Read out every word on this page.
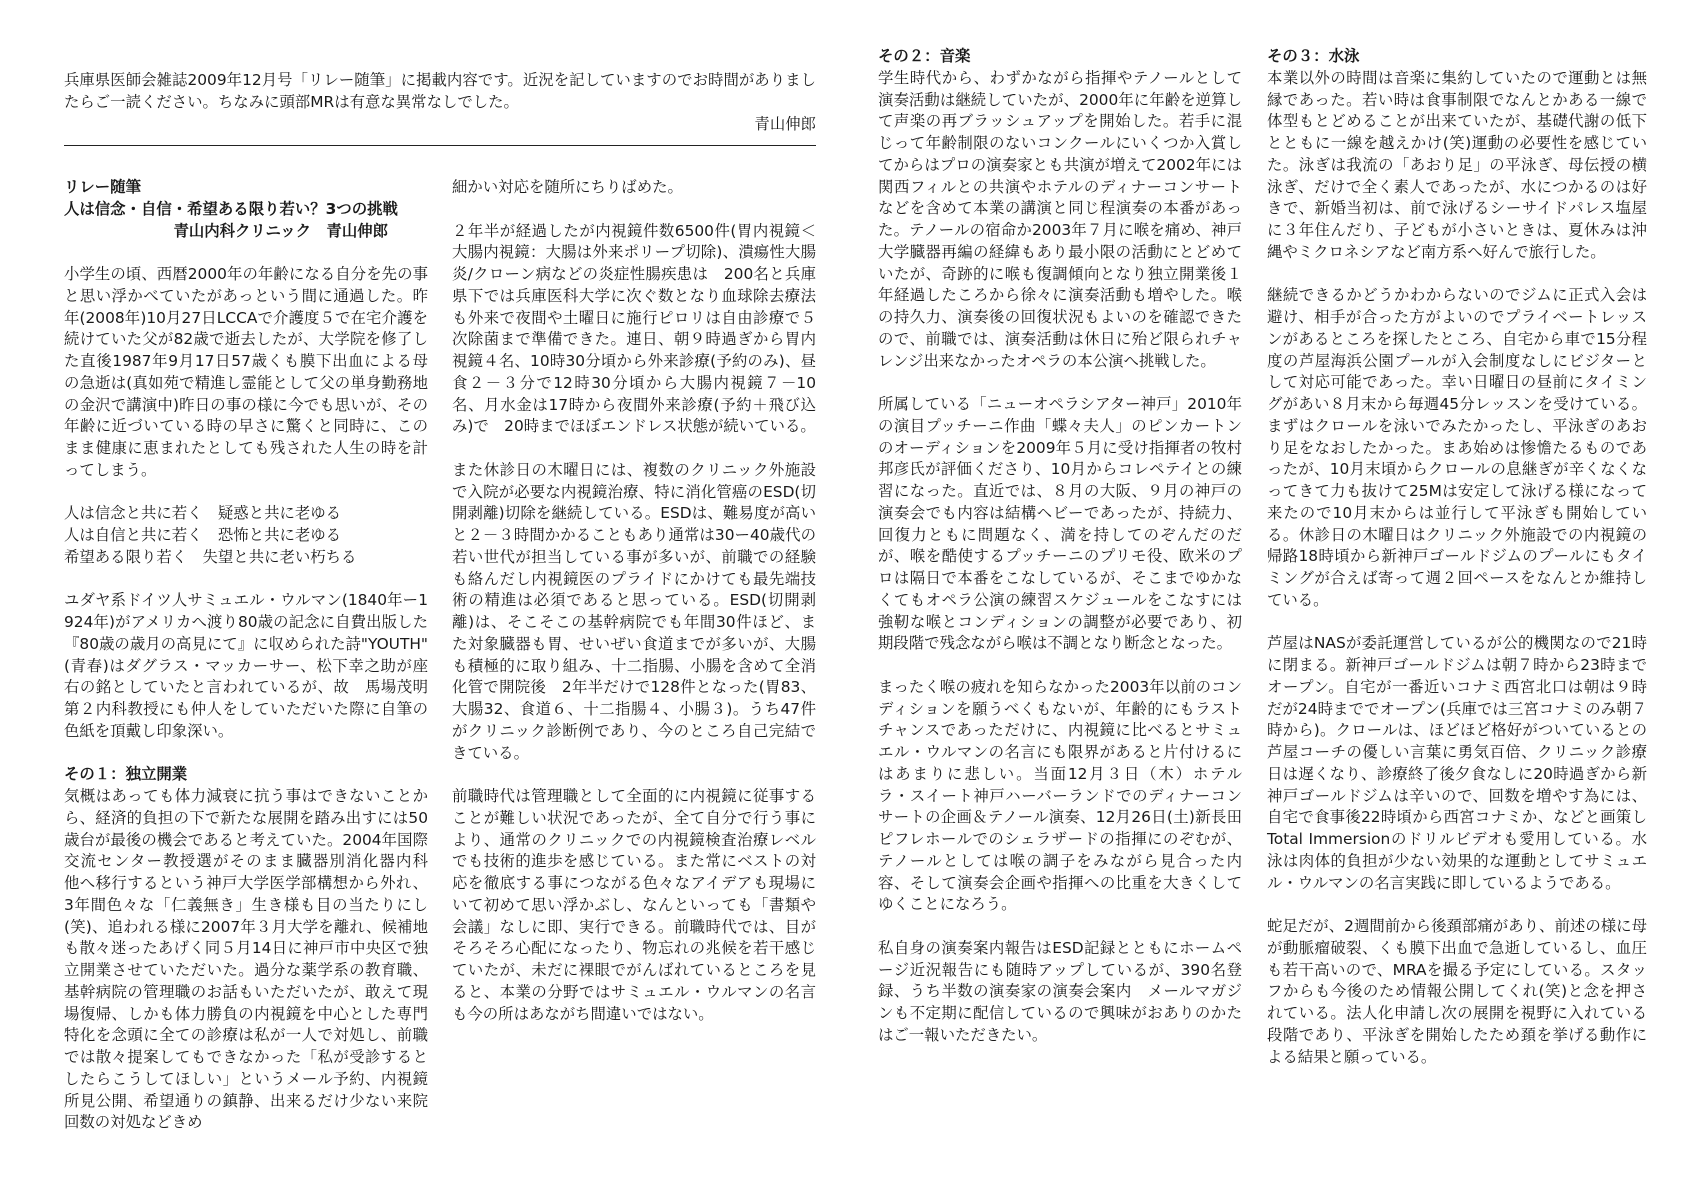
兵庫県医師会雑誌2009年12月号「リレー随筆」に掲載内容です。近況を記していますのでお時間がありましたらご一読ください。ちなみに頭部MRは有意な異常なしでした。

青山伸郎

リレー随筆

人は信念・自信・希望ある限り若い？3つの挑戦

青山内科クリニック　青山伸郎

小学生の頃、西暦2000年の年齢になる自分を先の事と思い浮かべていたがあっという間に通過した。昨年(2008年)10月27日LCCAで介護度５で在宅介護を続けていた父が82歳で逝去したが、大学院を修了した直後1987年9月17日57歳くも膜下出血による母の急逝は(真如苑で精進し霊能として父の単身勤務地の金沢で講演中)昨日の事の様に今でも思いが、その年齢に近づいている時の早さに驚くと同時に、このまま健康に恵まれたとしても残された人生の時を計ってしまう。

人は信念と共に若く　疑惑と共に老ゆる

人は自信と共に若く　恐怖と共に老ゆる

希望ある限り若く　失望と共に老い朽ちる

ユダヤ系ドイツ人サミュエル・ウルマン(1840年ー1924年)がアメリカへ渡り80歳の記念に自費出版した『80歳の歳月の高見にて』に収められた詩"YOUTH"(青春)はダグラス・マッカーサー、松下幸之助が座右の銘としていたと言われているが、故　馬場茂明　第２内科教授にも仲人をしていただいた際に自筆の色紙を頂戴し印象深い。

その１：独立開業

気概はあっても体力減衰に抗う事はできないことから、経済的負担の下で新たな展開を踏み出すには50歳台が最後の機会であると考えていた。2004年国際交流センター教授選がそのまま臓器別消化器内科　他へ移行するという神戸大学医学部構想から外れ、3年間色々な「仁義無き」生き様も目の当たりにし(笑)、追われる様に2007年３月大学を離れ、候補地も散々迷ったあげく同５月14日に神戸市中央区で独立開業させていただいた。過分な薬学系の教育職、基幹病院の管理職のお話もいただいたが、敢えて現場復帰、しかも体力勝負の内視鏡を中心とした専門特化を念頭に全ての診療は私が一人で対処し、前職では散々提案してもできなかった「私が受診するとしたらこうしてほしい」というメール予約、内視鏡所見公開、希望通りの鎮静、出来るだけ少ない来院回数の対処などきめ

細かい対応を随所にちりばめた。

２年半が経過したが内視鏡件数6500件(胃内視鏡＜大腸内視鏡：大腸は外来ポリープ切除)、潰瘍性大腸炎/クローン病などの炎症性腸疾患は　200名と兵庫県下では兵庫医科大学に次ぐ数となり血球除去療法も外来で夜間や土曜日に施行ピロリは自由診療で５次除菌まで準備できた。連日、朝９時過ぎから胃内視鏡４名、10時30分頃から外来診療(予約のみ)、昼食２－３分で12時30分頃から大腸内視鏡７－10名、月水金は17時から夜間外来診療(予約＋飛び込み)で　20時までほぼエンドレス状態が続いている。

また休診日の木曜日には、複数のクリニック外施設で入院が必要な内視鏡治療、特に消化管癌のESD(切開剥離)切除を継続している。ESDは、難易度が高いと２－３時間かかることもあり通常は30ー40歳代の若い世代が担当している事が多いが、前職での経験も絡んだし内視鏡医のプライドにかけても最先端技術の精進は必須であると思っている。ESD(切開剥離)は、そこそこの基幹病院でも年間30件ほど、また対象臓器も胃、せいぜい食道までが多いが、大腸も積極的に取り組み、十二指腸、小腸を含めて全消化管で開院後　2年半だけで128件となった(胃83、大腸32、食道６、十二指腸４、小腸３)。うち47件がクリニック診断例であり、今のところ自己完結できている。

前職時代は管理職として全面的に内視鏡に従事することが難しい状況であったが、全て自分で行う事により、通常のクリニックでの内視鏡検査治療レベルでも技術的進歩を感じている。また常にベストの対応を徹底する事につながる色々なアイデアも現場にいて初めて思い浮かぶし、なんといっても「書類や会議」なしに即、実行できる。前職時代では、目がそろそろ心配になったり、物忘れの兆候を若干感じていたが、未だに裸眼でがんばれているところを見ると、本業の分野ではサミュエル・ウルマンの名言も今の所はあながち間違いではない。

その２：音楽

学生時代から、わずかながら指揮やテノールとして演奏活動は継続していたが、2000年に年齢を逆算して声楽の再ブラッシュアップを開始した。若手に混じって年齢制限のないコンクールにいくつか入賞してからはプロの演奏家とも共演が増えて2002年には関西フィルとの共演やホテルのディナーコンサートなどを含めて本業の講演と同じ程演奏の本番があった。テノールの宿命か2003年７月に喉を痛め、神戸大学臓器再編の経緯もあり最小限の活動にとどめていたが、奇跡的に喉も復調傾向となり独立開業後１年経過したころから徐々に演奏活動も増やした。喉の持久力、演奏後の回復状況もよいのを確認できたので、前職では、演奏活動は休日に殆ど限られチャレンジ出来なかったオペラの本公演へ挑戦した。

所属している「ニューオペラシアター神戸」2010年の演目プッチーニ作曲「蝶々夫人」のピンカートンのオーディションを2009年５月に受け指揮者の牧村邦彦氏が評価くださり、10月からコレペテイとの練習になった。直近では、８月の大阪、９月の神戸の演奏会でも内容は結構ヘビーであったが、持続力、回復力ともに問題なく、満を持してのぞんだのだが、喉を酷使するプッチーニのプリモ役、欧米のプロは隔日で本番をこなしているが、そこまでゆかなくてもオペラ公演の練習スケジュールをこなすには強靭な喉とコンディションの調整が必要であり、初期段階で残念ながら喉は不調となり断念となった。

まったく喉の疲れを知らなかった2003年以前のコンディションを願うべくもないが、年齢的にもラストチャンスであっただけに、内視鏡に比べるとサミュエル・ウルマンの名言にも限界があると片付けるにはあまりに悲しい。当面12月３日（木）ホテル　ラ・スイート神戸ハーバーランドでのディナーコンサートの企画＆テノール演奏、12月26日(土)新長田ピフレホールでのシェラザードの指揮にのぞむが、テノールとしては喉の調子をみながら見合った内容、そして演奏会企画や指揮への比重を大きくしてゆくことになろう。

私自身の演奏案内報告はESD記録とともにホームページ近況報告にも随時アップしているが、390名登録、うち半数の演奏家の演奏会案内　メールマガジンも不定期に配信しているので興味がおありのかたはご一報いただきたい。

その３：水泳

本業以外の時間は音楽に集約していたので運動とは無縁であった。若い時は食事制限でなんとかある一線で体型もとどめることが出来ていたが、基礎代謝の低下とともに一線を越えかけ(笑)運動の必要性を感じていた。泳ぎは我流の「あおり足」の平泳ぎ、母伝授の横泳ぎ、だけで全く素人であったが、水につかるのは好きで、新婚当初は、前で泳げるシーサイドパレス塩屋に３年住んだり、子どもが小さいときは、夏休みは沖縄やミクロネシアなど南方系へ好んで旅行した。

継続できるかどうかわからないのでジムに正式入会は避け、相手が合った方がよいのでプライベートレッスンがあるところを探したところ、自宅から車で15分程度の芦屋海浜公園プールが入会制度なしにビジターとして対応可能であった。幸い日曜日の昼前にタイミングがあい８月末から毎週45分レッスンを受けている。まずはクロールを泳いでみたかったし、平泳ぎのあおり足をなおしたかった。まあ始めは惨憺たるものであったが、10月末頃からクロールの息継ぎが辛くなくなってきて力も抜けて25Mは安定して泳げる様になって来たので10月末からは並行して平泳ぎも開始している。休診日の木曜日はクリニック外施設での内視鏡の帰路18時頃から新神戸ゴールドジムのプールにもタイミングが合えば寄って週２回ペースをなんとか維持している。

芦屋はNASが委託運営しているが公的機関なので21時に閉まる。新神戸ゴールドジムは朝７時から23時までオープン。自宅が一番近いコナミ西宮北口は朝は９時だが24時まででオープン(兵庫では三宮コナミのみ朝７時から)。クロールは、ほどほど格好がついているとの芦屋コーチの優しい言葉に勇気百倍、クリニック診療日は遅くなり、診療終了後夕食なしに20時過ぎから新神戸ゴールドジムは辛いので、回数を増やす為には、自宅で食事後22時頃から西宮コナミか、などと画策しTotal Immersionのドリルビデオも愛用している。水泳は肉体的負担が少ない効果的な運動としてサミュエル・ウルマンの名言実践に即しているようである。

蛇足だが、2週間前から後頚部痛があり、前述の様に母が動脈瘤破裂、くも膜下出血で急逝しているし、血圧も若干高いので、MRAを撮る予定にしている。スタッフからも今後のため情報公開してくれ(笑)と念を押されている。法人化申請し次の展開を視野に入れている段階であり、平泳ぎを開始したため頚を挙げる動作による結果と願っている。
